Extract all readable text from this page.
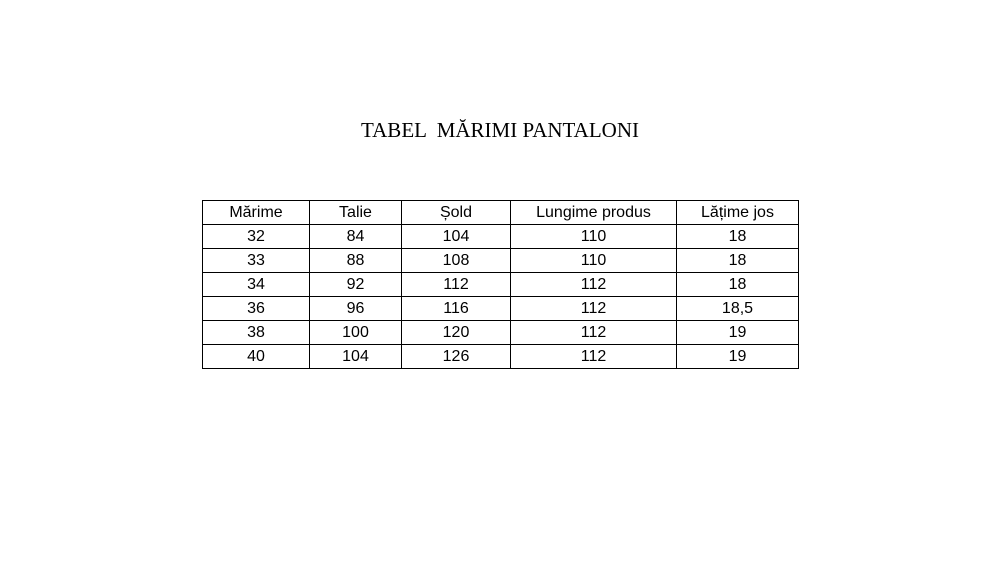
TABEL  MĂRIMI PANTALONI
Mărime	Talie	Șold	Lungime produs	Lățime jos
32	84	104	110	18
33	88	108	110	18
34	92	112	112	18
36	96	116	112	18,5
38	100	120	112	19
40	104	126	112	19
